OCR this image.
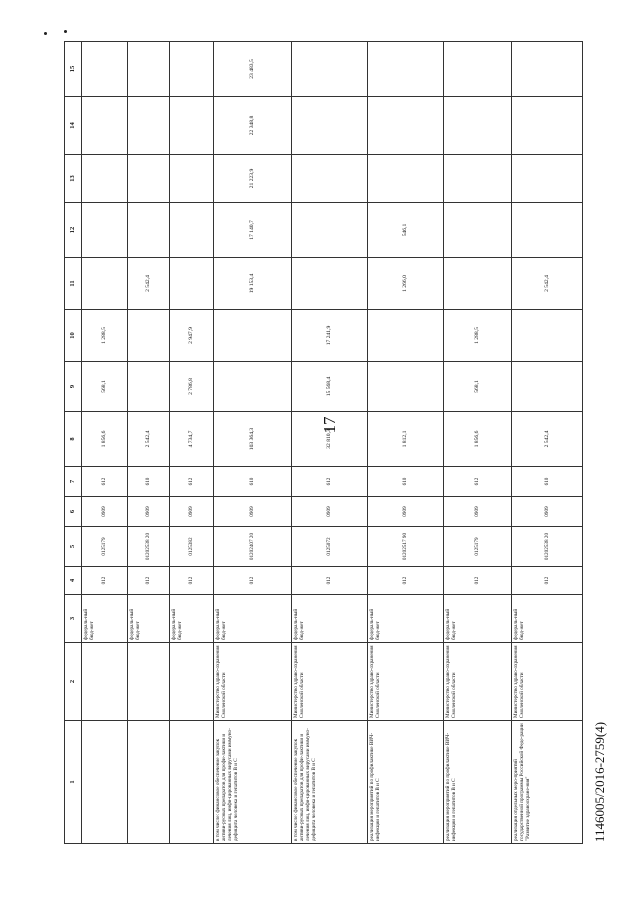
17
1146005/2016-2759(4)
1	2	3	4	5	6	7	8	9	10	11	12	13	14	15
		федераль-ный бюд-жет	012	0125179	0909	612	1 856,6	568,1	1 288,5					
		федераль-ный бюд-жет	012	01202538 20	0909	610	2 542,4			2 542,4				
		федераль-ный бюд-жет	012	0125382	0909	612	4 734,7	2 786,8	2 947,9					
в том числе: финансовое обеспечение закупок антиви-русных препаратов для профи-лактики и лечения лиц, инфи-цированных вирусами иммуно-дефицита человека и гепатитов В и С	Министерство здраво-охранения Смоленской области	федераль-ный бюд-жет	012	01202407 20	0909	610	103 364,3			19 153,4	17 140,7	21 223,9	22 348,8	23 483,5
в том числе: финансовое обеспечение закупок антиви-русных препаратов для профи-лактики и лечения лиц, инфи-цированных вирусами иммуно-дефицита человека и гепатитов В и С	Министерство здраво-охранения Смоленской области	федераль-ный бюд-жет	012	0125072	0909	612	32 810,3	15 568,4	17 241,9					
реализация мероприятий по профилактике ВИЧ-инфекции и гепатитов В и С	Министерство здраво-охранения Смоленской области	федераль-ный бюд-жет	012	01202517 90	0909	610	1 812,1			1 266,0	546,1			
реализация мероприятий по профилактике ВИЧ-инфекции и гепатитов В и С	Министерство здраво-охранения Смоленской области	федераль-ный бюд-жет	012	0125179	0909	612	1 856,6	568,1	1 288,5					
реализация отдельных меро-приятий государственной программы Российской Феде-рации "Развитие здравоохране-ния"	Министерство здраво-охранения Смоленской области	федераль-ный бюд-жет	012	01202538 20	0909	610	2 542,4			2 542,4				
